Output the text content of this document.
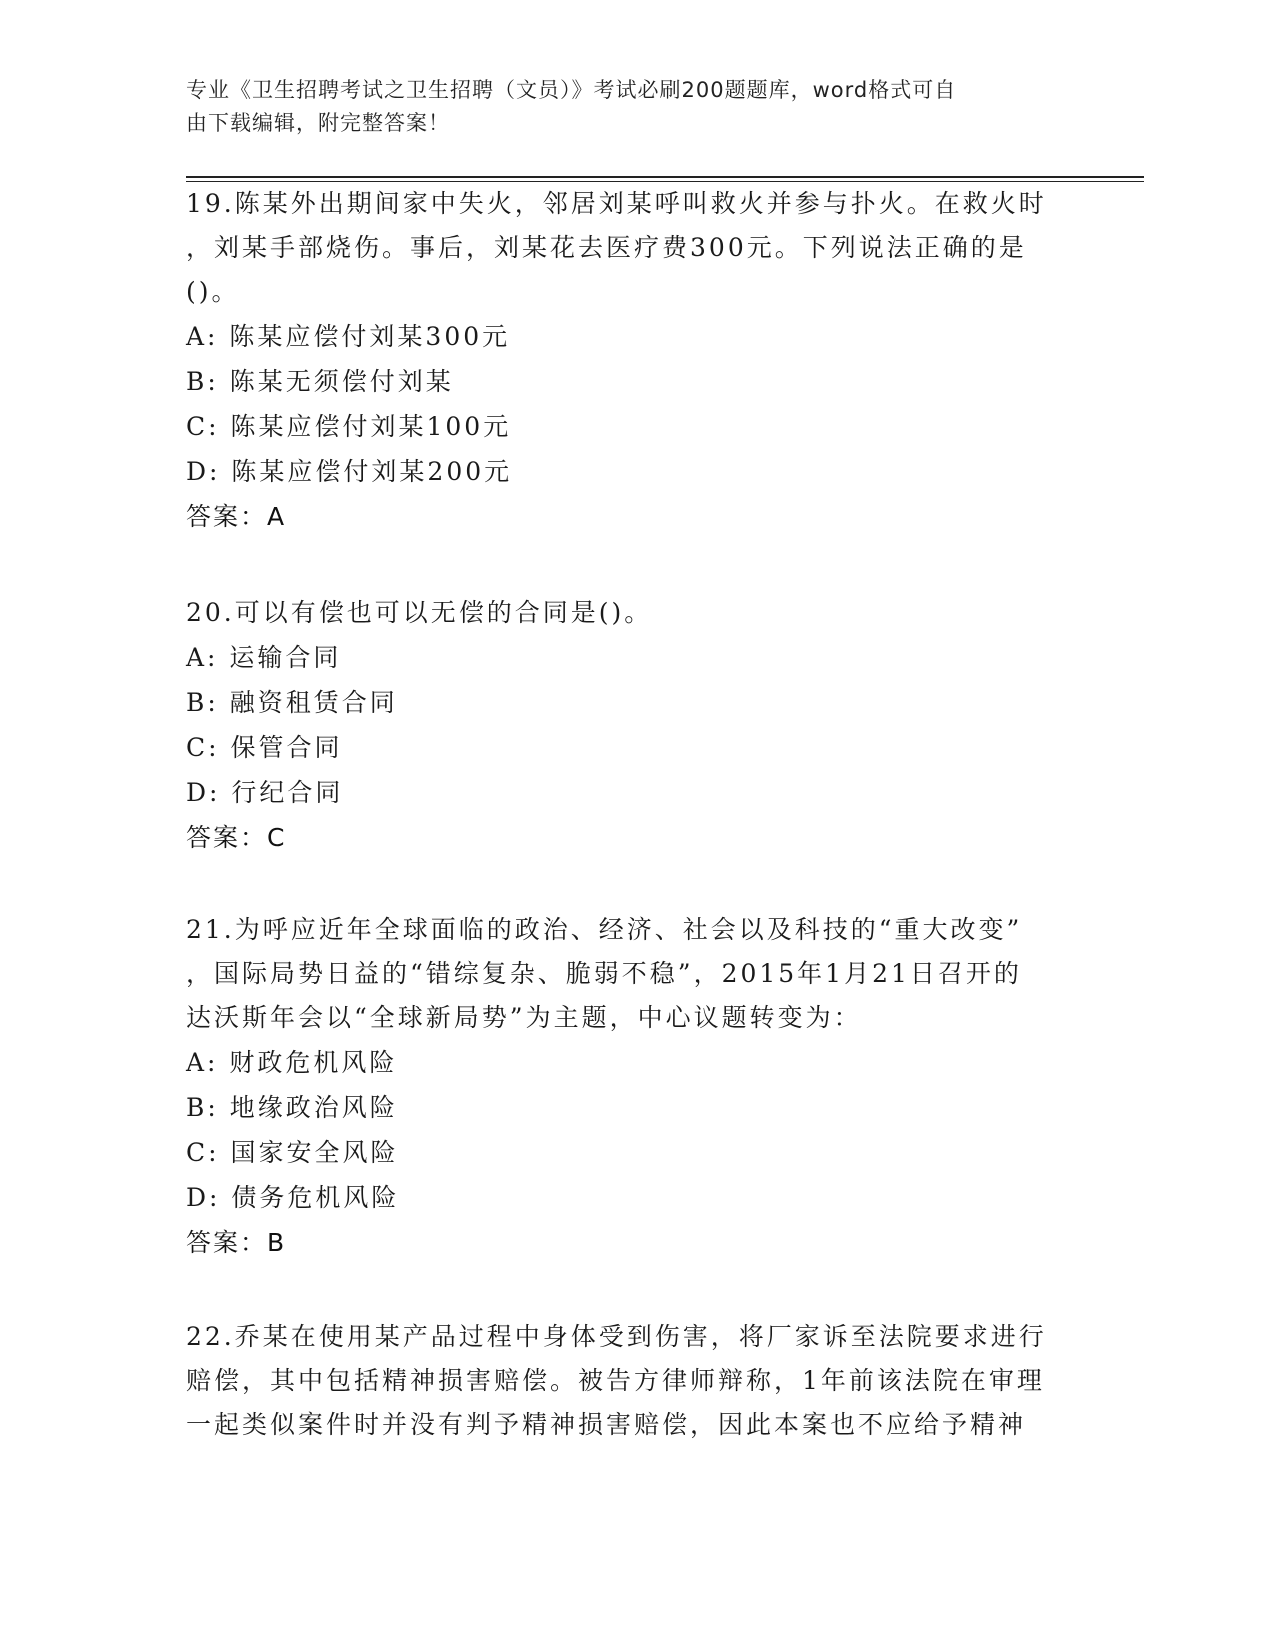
专业《卫生招聘考试之卫生招聘（文员）》考试必刷200题题库，word格式可自
由下载编辑，附完整答案！

19.陈某外出期间家中失火，邻居刘某呼叫救火并参与扑火。在救火时

，刘某手部烧伤。事后，刘某花去医疗费300元。下列说法正确的是

()。

A: 陈某应偿付刘某300元

B: 陈某无须偿付刘某

C: 陈某应偿付刘某100元

D: 陈某应偿付刘某200元

答案：A

20.可以有偿也可以无偿的合同是()。

A: 运输合同

B: 融资租赁合同

C: 保管合同

D: 行纪合同

答案：C

21.为呼应近年全球面临的政治、经济、社会以及科技的“重大改变”

，国际局势日益的“错综复杂、脆弱不稳”，2015年1月21日召开的

达沃斯年会以“全球新局势”为主题，中心议题转变为：

A: 财政危机风险

B: 地缘政治风险

C: 国家安全风险

D: 债务危机风险

答案：B

22.乔某在使用某产品过程中身体受到伤害，将厂家诉至法院要求进行

赔偿，其中包括精神损害赔偿。被告方律师辩称，1年前该法院在审理

一起类似案件时并没有判予精神损害赔偿，因此本案也不应给予精神
